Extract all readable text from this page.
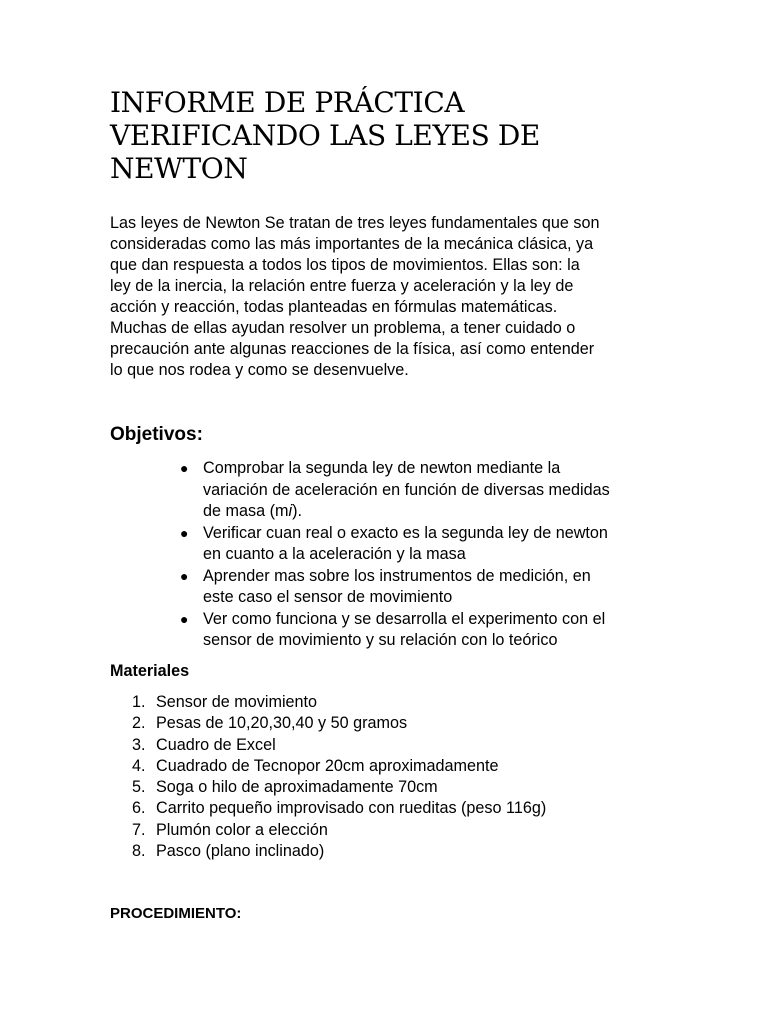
INFORME DE PRÁCTICA
VERIFICANDO LAS LEYES DE
NEWTON

Las leyes de Newton Se tratan de tres leyes fundamentales que son
consideradas como las más importantes de la mecánica clásica, ya
que dan respuesta a todos los tipos de movimientos. Ellas son: la
ley de la inercia, la relación entre fuerza y aceleración y la ley de
acción y reacción, todas planteadas en fórmulas matemáticas.
Muchas de ellas ayudan resolver un problema, a tener cuidado o
precaución ante algunas reacciones de la física, así como entender
lo que nos rodea y como se desenvuelve.

Objetivos:
● Comprobar la segunda ley de newton mediante la
variación de aceleración en función de diversas medidas
de masa (mi).
● Verificar cuan real o exacto es la segunda ley de newton
en cuanto a la aceleración y la masa
● Aprender mas sobre los instrumentos de medición, en
este caso el sensor de movimiento
● Ver como funciona y se desarrolla el experimento con el
sensor de movimiento y su relación con lo teórico
Materiales
1. Sensor de movimiento
2. Pesas de 10,20,30,40 y 50 gramos
3. Cuadro de Excel
4. Cuadrado de Tecnopor 20cm aproximadamente
5. Soga o hilo de aproximadamente 70cm
6. Carrito pequeño improvisado con rueditas (peso 116g)
7. Plumón color a elección
8. Pasco (plano inclinado)
PROCEDIMIENTO:
